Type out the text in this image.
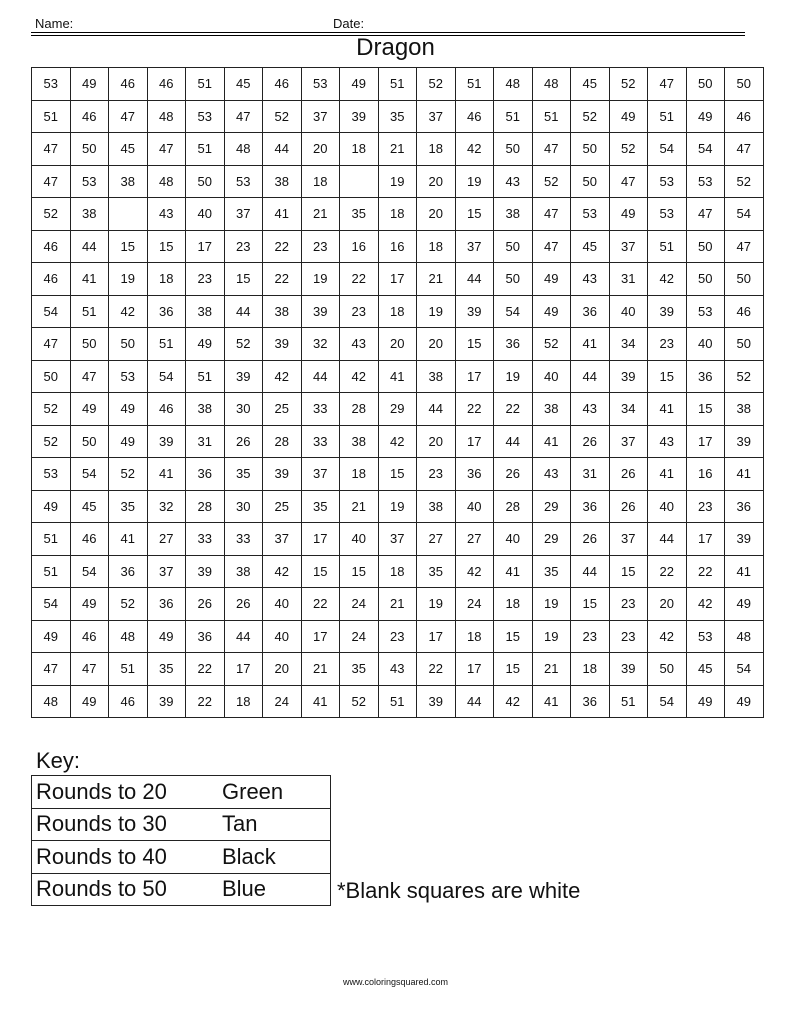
Name:	Date:
Dragon
53	49	46	46	51	45	46	53	49	51	52	51	48	48	45	52	47	50	50
51	46	47	48	53	47	52	37	39	35	37	46	51	51	52	49	51	49	46
47	50	45	47	51	48	44	20	18	21	18	42	50	47	50	52	54	54	47
47	53	38	48	50	53	38	18		19	20	19	43	52	50	47	53	53	52
52	38		43	40	37	41	21	35	18	20	15	38	47	53	49	53	47	54
46	44	15	15	17	23	22	23	16	16	18	37	50	47	45	37	51	50	47
46	41	19	18	23	15	22	19	22	17	21	44	50	49	43	31	42	50	50
54	51	42	36	38	44	38	39	23	18	19	39	54	49	36	40	39	53	46
47	50	50	51	49	52	39	32	43	20	20	15	36	52	41	34	23	40	50
50	47	53	54	51	39	42	44	42	41	38	17	19	40	44	39	15	36	52
52	49	49	46	38	30	25	33	28	29	44	22	22	38	43	34	41	15	38
52	50	49	39	31	26	28	33	38	42	20	17	44	41	26	37	43	17	39
53	54	52	41	36	35	39	37	18	15	23	36	26	43	31	26	41	16	41
49	45	35	32	28	30	25	35	21	19	38	40	28	29	36	26	40	23	36
51	46	41	27	33	33	37	17	40	37	27	27	40	29	26	37	44	17	39
51	54	36	37	39	38	42	15	15	18	35	42	41	35	44	15	22	22	41
54	49	52	36	26	26	40	22	24	21	19	24	18	19	15	23	20	42	49
49	46	48	49	36	44	40	17	24	23	17	18	15	19	23	23	42	53	48
47	47	51	35	22	17	20	21	35	43	22	17	15	21	18	39	50	45	54
48	49	46	39	22	18	24	41	52	51	39	44	42	41	36	51	54	49	49
Key:
Rounds to 20	Green
Rounds to 30	Tan
Rounds to 40	Black
Rounds to 50	Blue	*Blank squares are white
www.coloringsquared.com
